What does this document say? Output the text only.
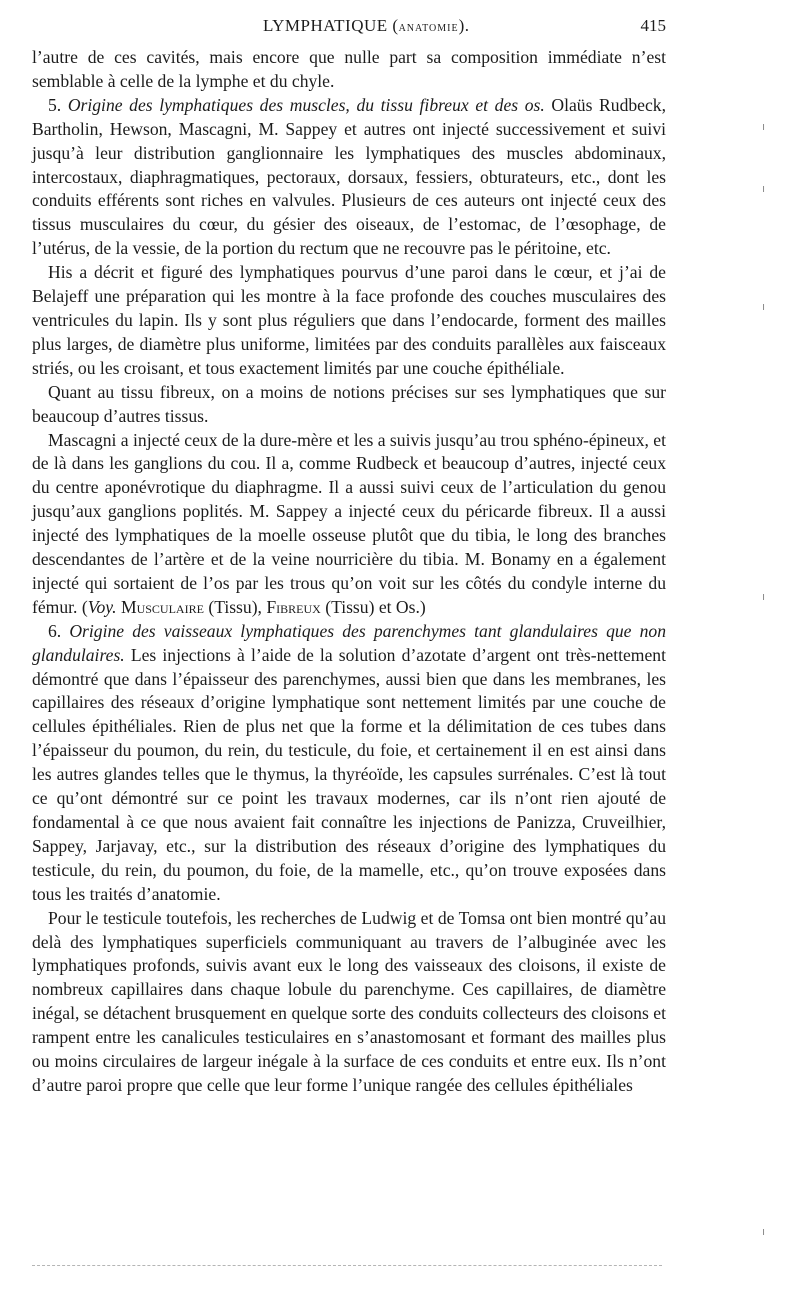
LYMPHATIQUE (anatomie).	415

l’autre de ces cavités, mais encore que nulle part sa composition immédiate n’est semblable à celle de la lymphe et du chyle.

5. Origine des lymphatiques des muscles, du tissu fibreux et des os. Olaüs Rudbeck, Bartholin, Hewson, Mascagni, M. Sappey et autres ont injecté successivement et suivi jusqu’à leur distribution ganglionnaire les lymphatiques des muscles abdominaux, intercostaux, diaphragmatiques, pectoraux, dorsaux, fessiers, obturateurs, etc., dont les conduits efférents sont riches en valvules. Plusieurs de ces auteurs ont injecté ceux des tissus musculaires du cœur, du gésier des oiseaux, de l’estomac, de l’œsophage, de l’utérus, de la vessie, de la portion du rectum que ne recouvre pas le péritoine, etc.

His a décrit et figuré des lymphatiques pourvus d’une paroi dans le cœur, et j’ai de Belajeff une préparation qui les montre à la face profonde des couches musculaires des ventricules du lapin. Ils y sont plus réguliers que dans l’endocarde, forment des mailles plus larges, de diamètre plus uniforme, limitées par des conduits parallèles aux faisceaux striés, ou les croisant, et tous exactement limités par une couche épithéliale.

Quant au tissu fibreux, on a moins de notions précises sur ses lymphatiques que sur beaucoup d’autres tissus.

Mascagni a injecté ceux de la dure-mère et les a suivis jusqu’au trou sphéno-épineux, et de là dans les ganglions du cou. Il a, comme Rudbeck et beaucoup d’autres, injecté ceux du centre aponévrotique du diaphragme. Il a aussi suivi ceux de l’articulation du genou jusqu’aux ganglions poplités. M. Sappey a injecté ceux du péricarde fibreux. Il a aussi injecté des lymphatiques de la moelle osseuse plutôt que du tibia, le long des branches descendantes de l’artère et de la veine nourricière du tibia. M. Bonamy en a également injecté qui sortaient de l’os par les trous qu’on voit sur les côtés du condyle interne du fémur. (Voy. Musculaire (Tissu), Fibreux (Tissu) et Os.)

6. Origine des vaisseaux lymphatiques des parenchymes tant glandulaires que non glandulaires. Les injections à l’aide de la solution d’azotate d’argent ont très-nettement démontré que dans l’épaisseur des parenchymes, aussi bien que dans les membranes, les capillaires des réseaux d’origine lymphatique sont nettement limités par une couche de cellules épithéliales. Rien de plus net que la forme et la délimitation de ces tubes dans l’épaisseur du poumon, du rein, du testicule, du foie, et certainement il en est ainsi dans les autres glandes telles que le thymus, la thyréoïde, les capsules surrénales. C’est là tout ce qu’ont démontré sur ce point les travaux modernes, car ils n’ont rien ajouté de fondamental à ce que nous avaient fait connaître les injections de Panizza, Cruveilhier, Sappey, Jarjavay, etc., sur la distribution des réseaux d’origine des lymphatiques du testicule, du rein, du poumon, du foie, de la mamelle, etc., qu’on trouve exposées dans tous les traités d’anatomie.

Pour le testicule toutefois, les recherches de Ludwig et de Tomsa ont bien montré qu’au delà des lymphatiques superficiels communiquant au travers de l’albuginée avec les lymphatiques profonds, suivis avant eux le long des vaisseaux des cloisons, il existe de nombreux capillaires dans chaque lobule du parenchyme. Ces capillaires, de diamètre inégal, se détachent brusquement en quelque sorte des conduits collecteurs des cloisons et rampent entre les canalicules testiculaires en s’anastomosant et formant des mailles plus ou moins circulaires de largeur inégale à la surface de ces conduits et entre eux. Ils n’ont d’autre paroi propre que celle que leur forme l’unique rangée des cellules épithéliales

ı
ı
ı
ı
ı
